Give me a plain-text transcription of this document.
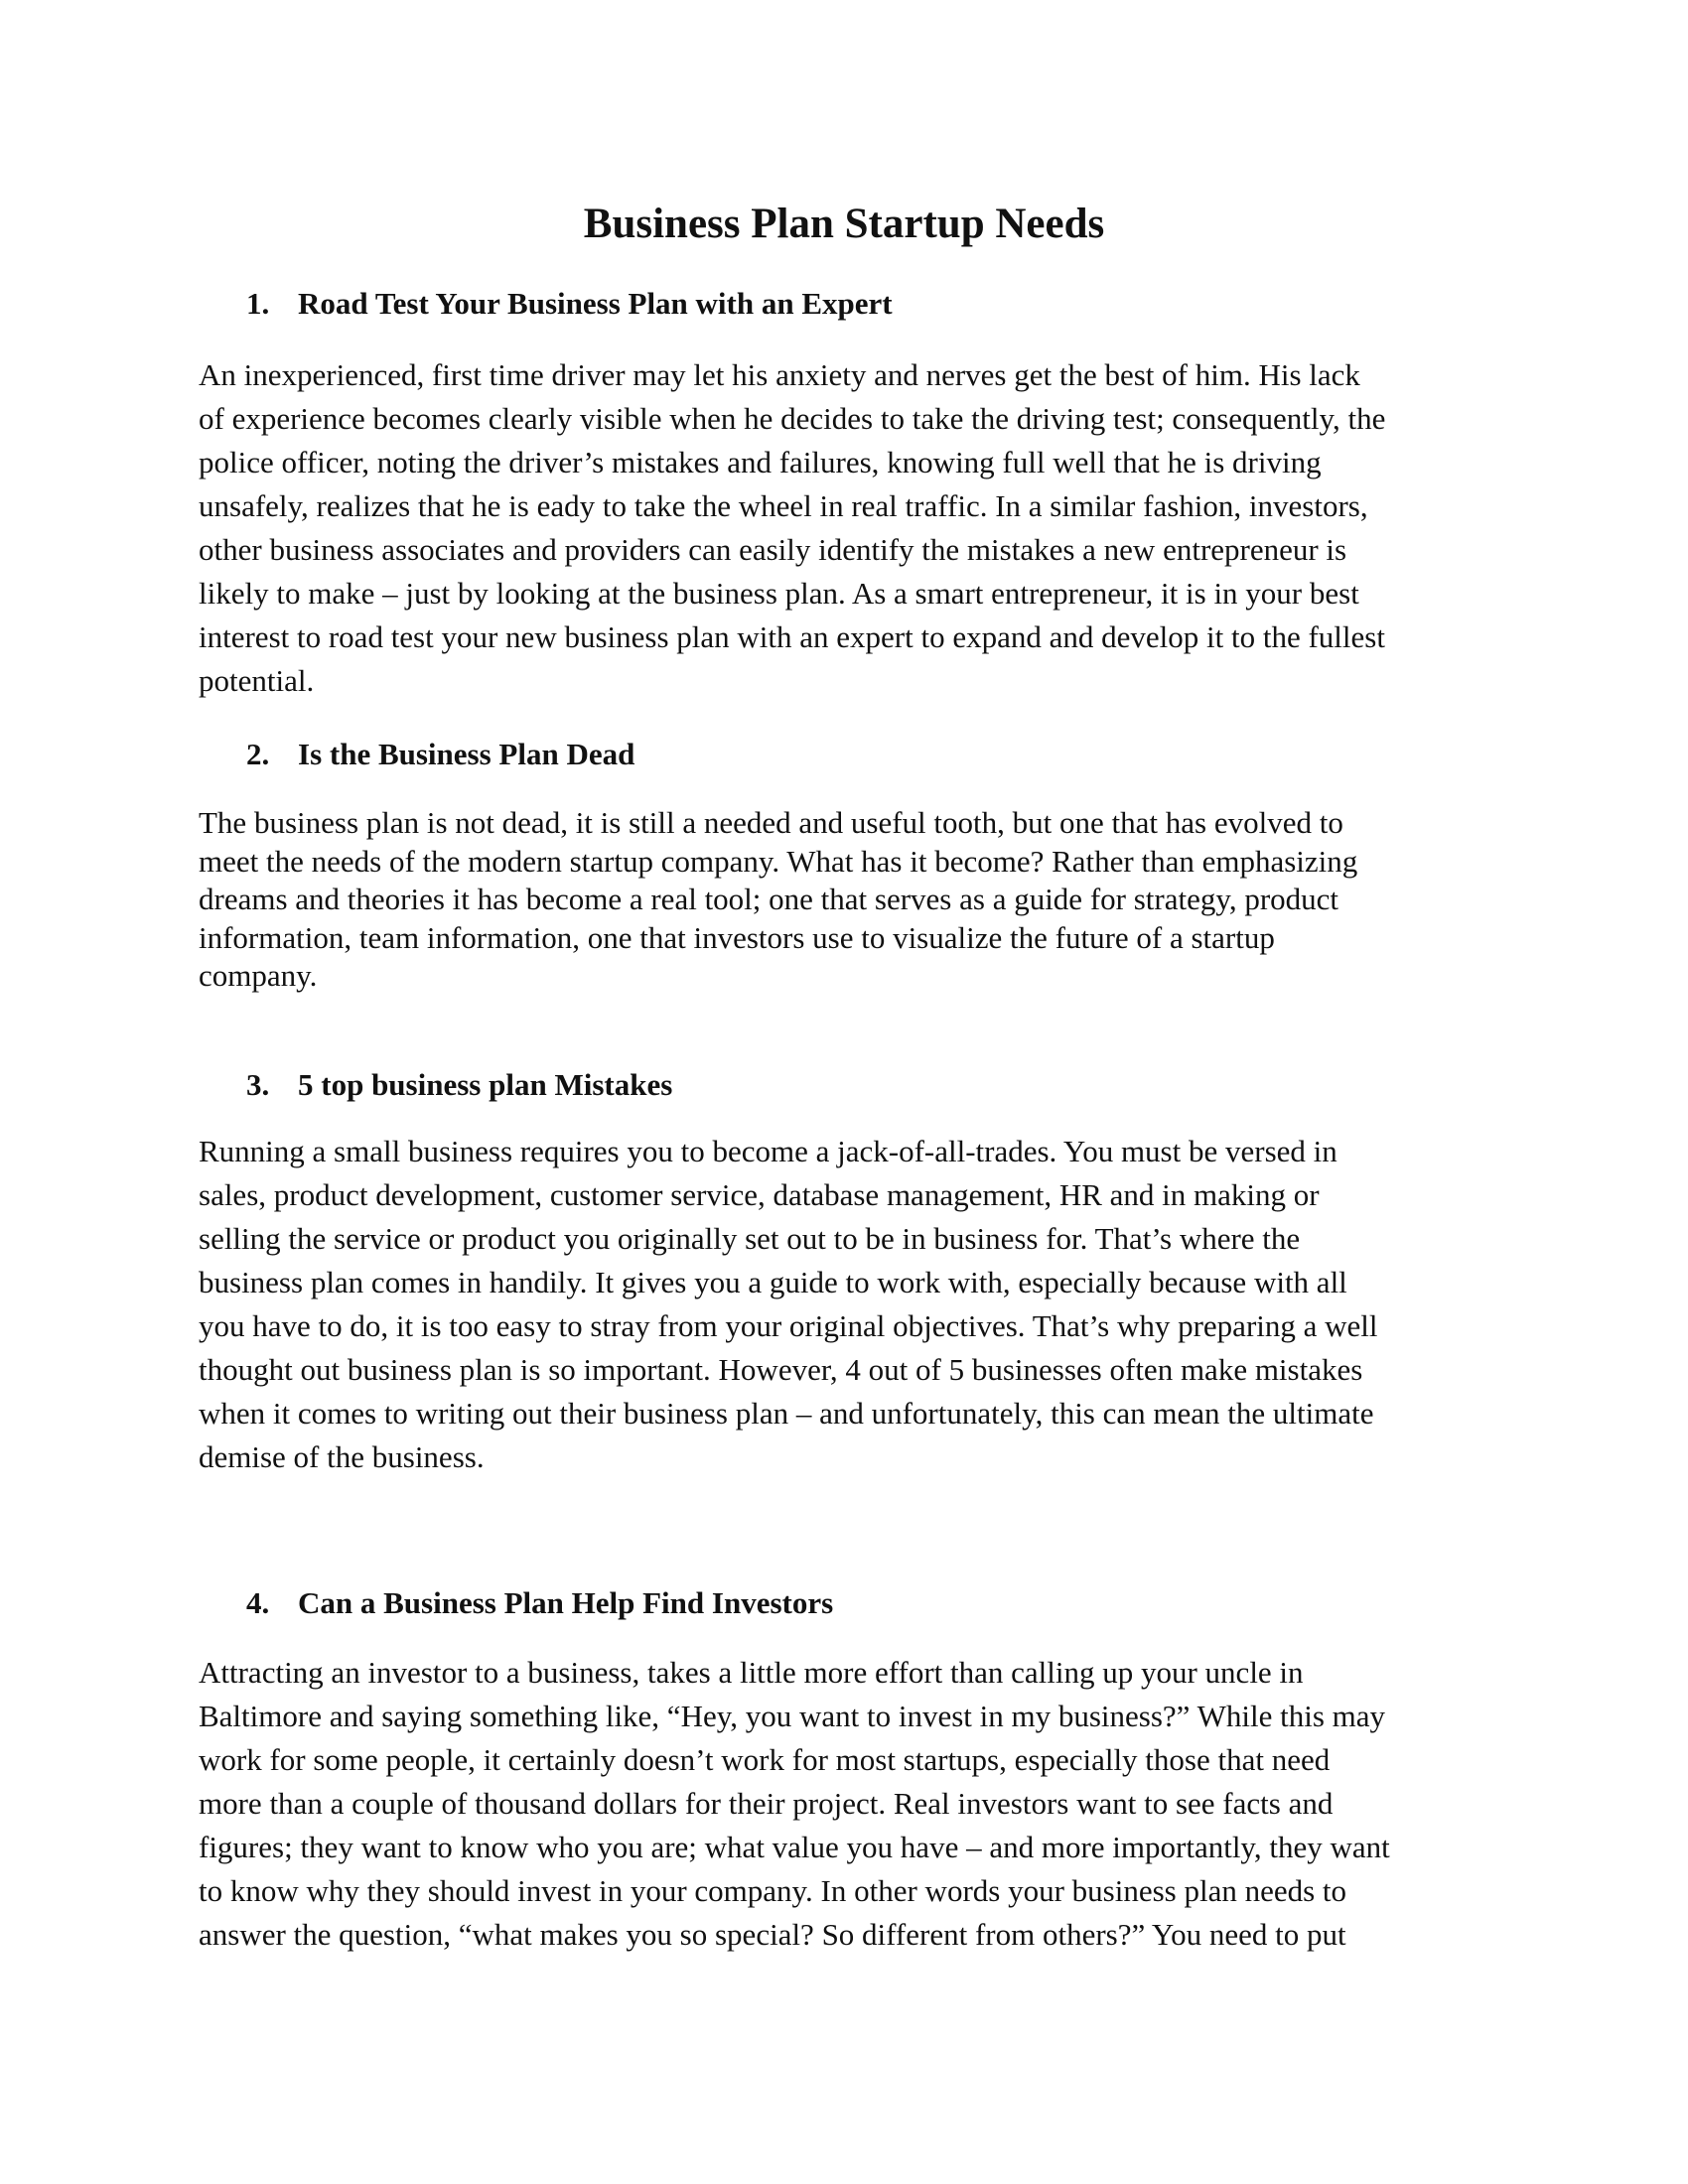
Business Plan Startup Needs
1. Road Test Your Business Plan with an Expert

An inexperienced, first time driver may let his anxiety and nerves get the best of him. His lack
of experience becomes clearly visible when he decides to take the driving test; consequently, the
police officer, noting the driver’s mistakes and failures, knowing full well that he is driving
unsafely, realizes that he is eady to take the wheel in real traffic. In a similar fashion, investors,
other business associates and providers can easily identify the mistakes a new entrepreneur is
likely to make – just by looking at the business plan. As a smart entrepreneur, it is in your best
interest to road test your new business plan with an expert to expand and develop it to the fullest
potential.

2. Is the Business Plan Dead

The business plan is not dead, it is still a needed and useful tooth, but one that has evolved to
meet the needs of the modern startup company. What has it become? Rather than emphasizing
dreams and theories it has become a real tool; one that serves as a guide for strategy, product
information, team information, one that investors use to visualize the future of a startup
company.

3. 5 top business plan Mistakes

Running a small business requires you to become a jack-of-all-trades. You must be versed in
sales, product development, customer service, database management, HR and in making or
selling the service or product you originally set out to be in business for. That’s where the
business plan comes in handily. It gives you a guide to work with, especially because with all
you have to do, it is too easy to stray from your original objectives. That’s why preparing a well
thought out business plan is so important. However, 4 out of 5 businesses often make mistakes
when it comes to writing out their business plan – and unfortunately, this can mean the ultimate
demise of the business.

4. Can a Business Plan Help Find Investors

Attracting an investor to a business, takes a little more effort than calling up your uncle in
Baltimore and saying something like, “Hey, you want to invest in my business?” While this may
work for some people, it certainly doesn’t work for most startups, especially those that need
more than a couple of thousand dollars for their project. Real investors want to see facts and
figures; they want to know who you are; what value you have – and more importantly, they want
to know why they should invest in your company. In other words your business plan needs to
answer the question, “what makes you so special? So different from others?” You need to put
